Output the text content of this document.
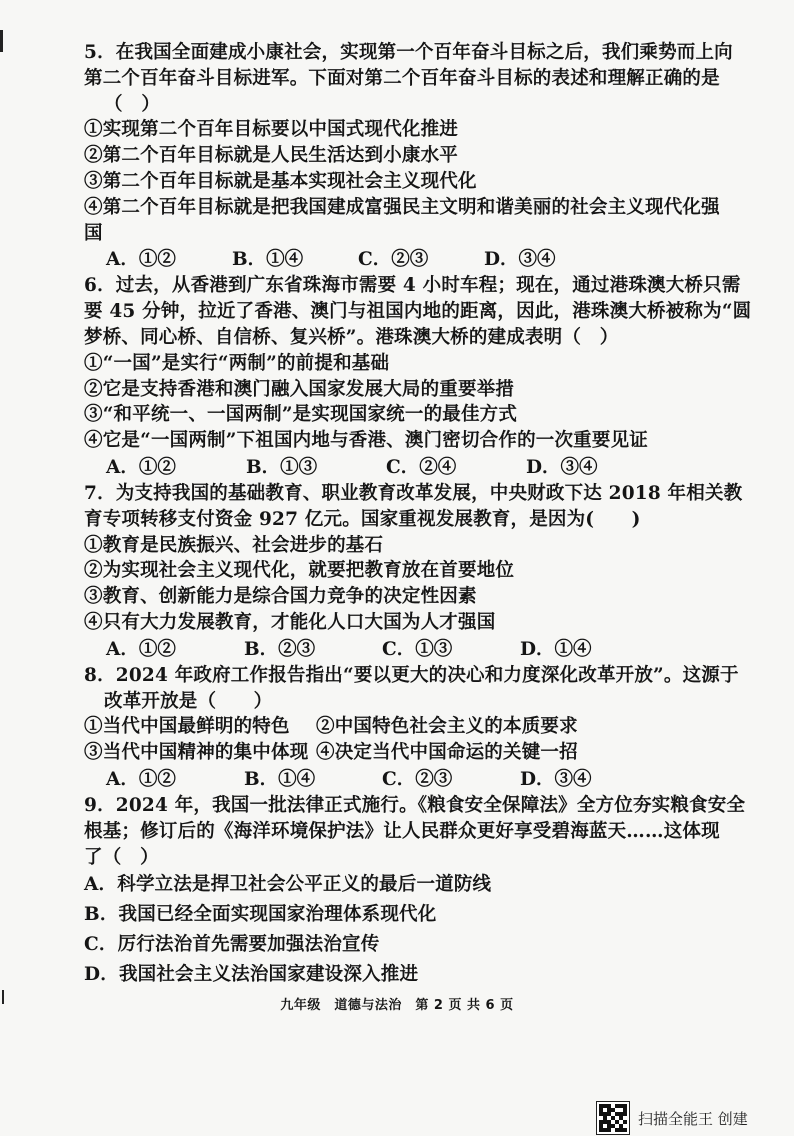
5．在我国全面建成小康社会，实现第一个百年奋斗目标之后，我们乘势而上向
第二个百年奋斗目标进军。下面对第二个百年奋斗目标的表述和理解正确的是
（　）
①实现第二个百年目标要以中国式现代化推进
②第二个百年目标就是人民生活达到小康水平
③第二个百年目标就是基本实现社会主义现代化
④第二个百年目标就是把我国建成富强民主文明和谐美丽的社会主义现代化强
国
A．①②	B．①④	C．②③	D．③④
6．过去，从香港到广东省珠海市需要 4 小时车程；现在，通过港珠澳大桥只需
要 45 分钟，拉近了香港、澳门与祖国内地的距离，因此，港珠澳大桥被称为“圆
梦桥、同心桥、自信桥、复兴桥”。港珠澳大桥的建成表明（　）
①“一国”是实行“两制”的前提和基础
②它是支持香港和澳门融入国家发展大局的重要举措
③“和平统一、一国两制”是实现国家统一的最佳方式
④它是“一国两制”下祖国内地与香港、澳门密切合作的一次重要见证
A．①②	B．①③	C．②④	D．③④
7．为支持我国的基础教育、职业教育改革发展，中央财政下达 2018 年相关教
育专项转移支付资金 927 亿元。国家重视发展教育，是因为(　　)
①教育是民族振兴、社会进步的基石
②为实现社会主义现代化，就要把教育放在首要地位
③教育、创新能力是综合国力竞争的决定性因素
④只有大力发展教育，才能化人口大国为人才强国
A．①②	B．②③	C．①③	D．①④
8．2024 年政府工作报告指出“要以更大的决心和力度深化改革开放”。这源于
改革开放是（　　）
①当代中国最鲜明的特色	②中国特色社会主义的本质要求
③当代中国精神的集中体现 ④决定当代中国命运的关键一招
A．①②	B．①④	C．②③	D．③④
9．2024 年，我国一批法律正式施行。《粮食安全保障法》全方位夯实粮食安全
根基；修订后的《海洋环境保护法》让人民群众更好享受碧海蓝天……这体现
了（　）
A．科学立法是捍卫社会公平正义的最后一道防线
B．我国已经全面实现国家治理体系现代化
C．厉行法治首先需要加强法治宣传
D．我国社会主义法治国家建设深入推进
九年级　道德与法治　第 2 页 共 6 页
扫描全能王 创建
